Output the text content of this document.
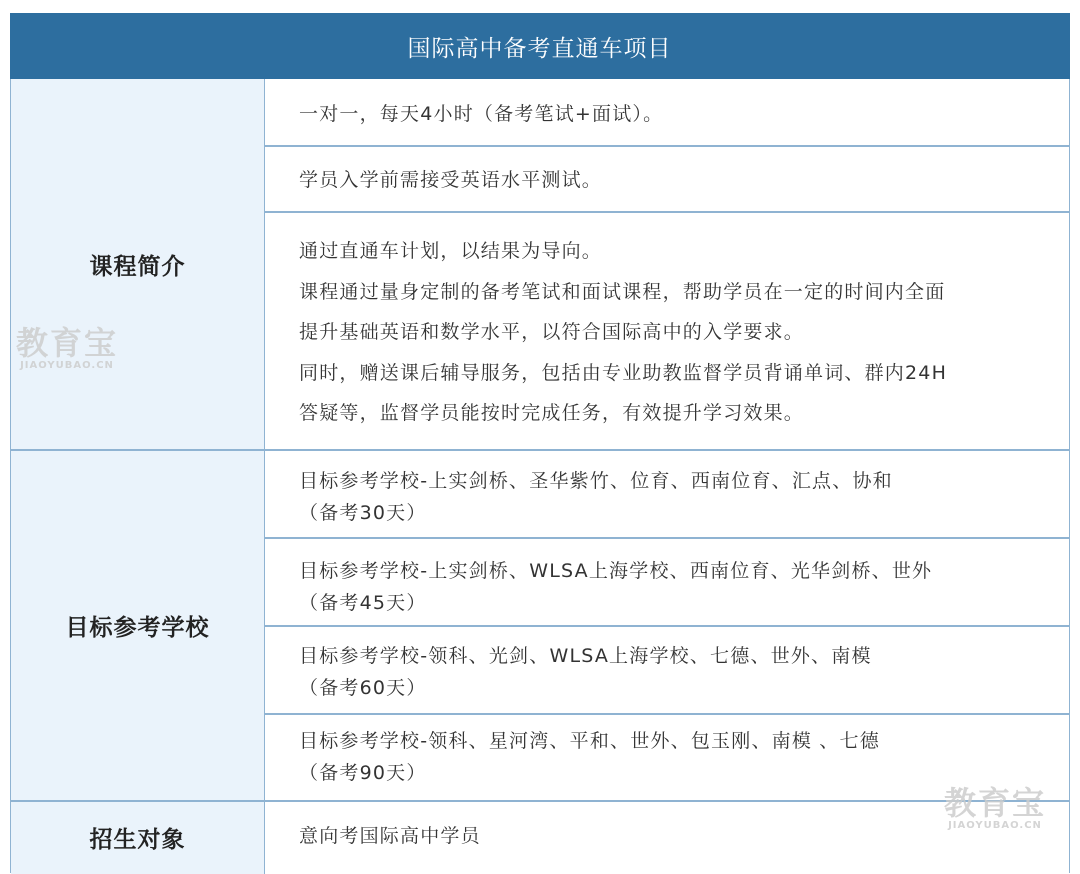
国际高中备考直通车项目
课程简介
一对一，每天4小时（备考笔试+面试）。
学员入学前需接受英语水平测试。
通过直通车计划，以结果为导向。
课程通过量身定制的备考笔试和面试课程，帮助学员在一定的时间内全面
提升基础英语和数学水平，以符合国际高中的入学要求。
同时，赠送课后辅导服务，包括由专业助教监督学员背诵单词、群内24H
答疑等，监督学员能按时完成任务，有效提升学习效果。
目标参考学校
目标参考学校-上实剑桥、圣华紫竹、位育、西南位育、汇点、协和
（备考30天）
目标参考学校-上实剑桥、WLSA上海学校、西南位育、光华剑桥、世外
（备考45天）
目标参考学校-领科、光剑、WLSA上海学校、七德、世外、南模
（备考60天）
目标参考学校-领科、星河湾、平和、世外、包玉刚、南模 、七德
（备考90天）
招生对象	意向考国际高中学员
教育宝
JIAOYUBAO.CN
教育宝
JIAOYUBAO.CN
